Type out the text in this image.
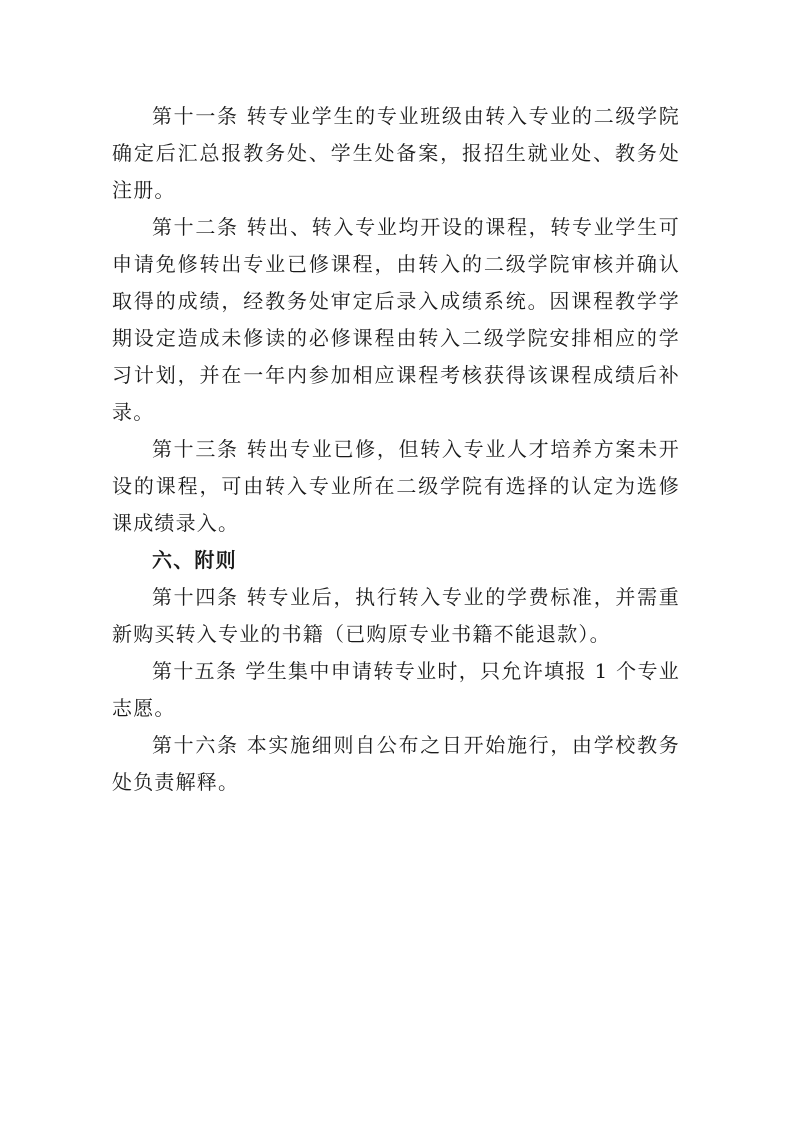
第十一条 转专业学生的专业班级由转入专业的二级学院确定后汇总报教务处、学生处备案，报招生就业处、教务处注册。

第十二条 转出、转入专业均开设的课程，转专业学生可申请免修转出专业已修课程，由转入的二级学院审核并确认取得的成绩，经教务处审定后录入成绩系统。因课程教学学期设定造成未修读的必修课程由转入二级学院安排相应的学习计划，并在一年内参加相应课程考核获得该课程成绩后补录。

第十三条 转出专业已修，但转入专业人才培养方案未开设的课程，可由转入专业所在二级学院有选择的认定为选修课成绩录入。

六、附则

第十四条 转专业后，执行转入专业的学费标准，并需重新购买转入专业的书籍（已购原专业书籍不能退款）。

第十五条 学生集中申请转专业时，只允许填报 1 个专业志愿。

第十六条 本实施细则自公布之日开始施行，由学校教务处负责解释。
